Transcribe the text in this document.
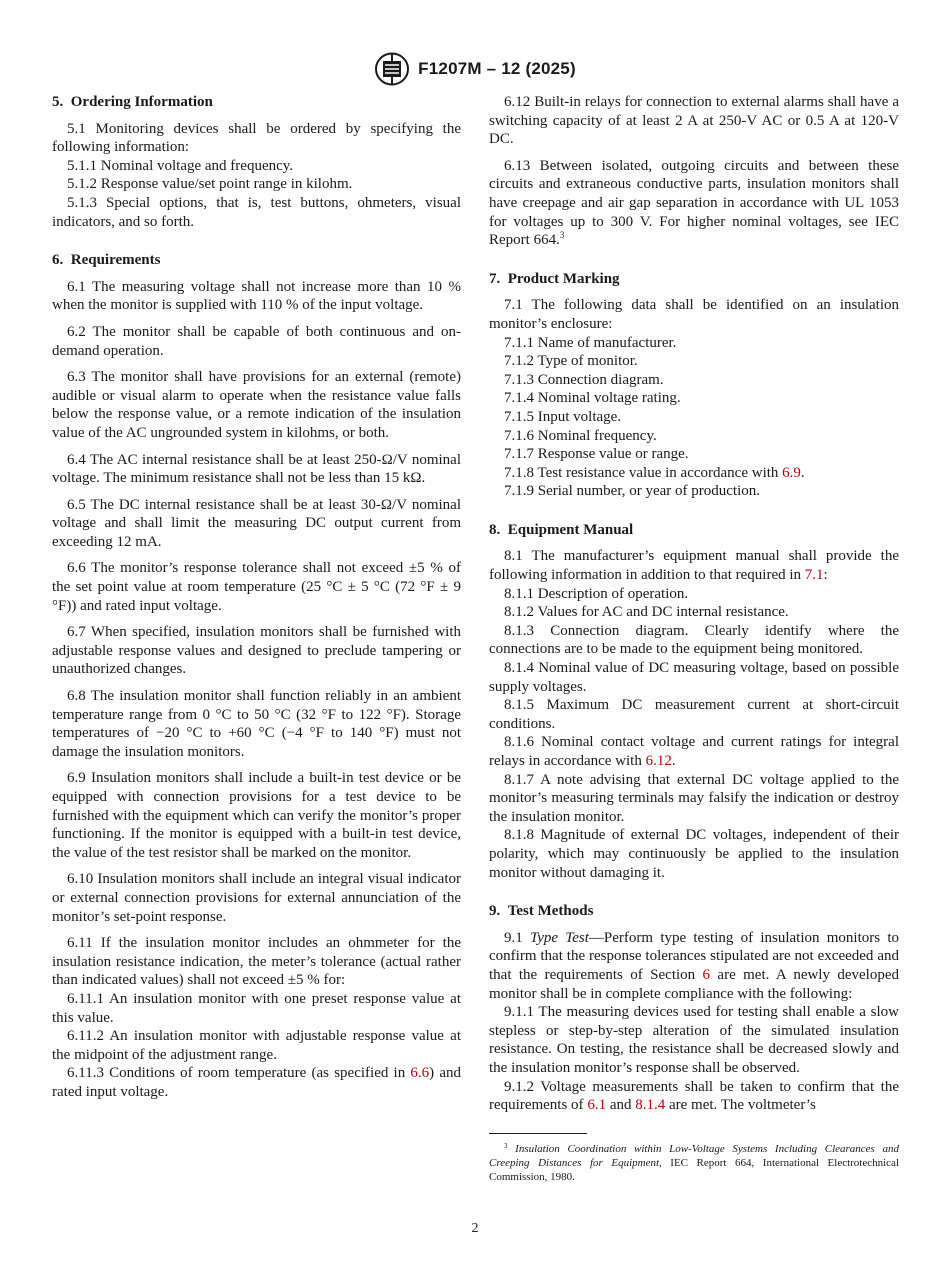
F1207M – 12 (2025)

5. Ordering Information

5.1 Monitoring devices shall be ordered by specifying the following information:

5.1.1 Nominal voltage and frequency.

5.1.2 Response value/set point range in kilohm.

5.1.3 Special options, that is, test buttons, ohmeters, visual indicators, and so forth.

6. Requirements

6.1 The measuring voltage shall not increase more than 10 % when the monitor is supplied with 110 % of the input voltage.

6.2 The monitor shall be capable of both continuous and on-demand operation.

6.3 The monitor shall have provisions for an external (remote) audible or visual alarm to operate when the resistance value falls below the response value, or a remote indication of the insulation value of the AC ungrounded system in kilohms, or both.

6.4 The AC internal resistance shall be at least 250-Ω/V nominal voltage. The minimum resistance shall not be less than 15 kΩ.

6.5 The DC internal resistance shall be at least 30-Ω/V nominal voltage and shall limit the measuring DC output current from exceeding 12 mA.

6.6 The monitor’s response tolerance shall not exceed ±5 % of the set point value at room temperature (25 °C ± 5 °C (72 °F ± 9 °F)) and rated input voltage.

6.7 When specified, insulation monitors shall be furnished with adjustable response values and designed to preclude tampering or unauthorized changes.

6.8 The insulation monitor shall function reliably in an ambient temperature range from 0 °C to 50 °C (32 °F to 122 °F). Storage temperatures of −20 °C to +60 °C (−4 °F to 140 °F) must not damage the insulation monitors.

6.9 Insulation monitors shall include a built-in test device or be equipped with connection provisions for a test device to be furnished with the equipment which can verify the monitor’s proper functioning. If the monitor is equipped with a built-in test device, the value of the test resistor shall be marked on the monitor.

6.10 Insulation monitors shall include an integral visual indicator or external connection provisions for external annunciation of the monitor’s set-point response.

6.11 If the insulation monitor includes an ohmmeter for the insulation resistance indication, the meter’s tolerance (actual rather than indicated values) shall not exceed ±5 % for:

6.11.1 An insulation monitor with one preset response value at this value.

6.11.2 An insulation monitor with adjustable response value at the midpoint of the adjustment range.

6.11.3 Conditions of room temperature (as specified in 6.6) and rated input voltage.

6.12 Built-in relays for connection to external alarms shall have a switching capacity of at least 2 A at 250-V AC or 0.5 A at 120-V DC.

6.13 Between isolated, outgoing circuits and between these circuits and extraneous conductive parts, insulation monitors shall have creepage and air gap separation in accordance with UL 1053 for voltages up to 300 V. For higher nominal voltages, see IEC Report 664.$^3$

7. Product Marking

7.1 The following data shall be identified on an insulation monitor’s enclosure:

7.1.1 Name of manufacturer.

7.1.2 Type of monitor.

7.1.3 Connection diagram.

7.1.4 Nominal voltage rating.

7.1.5 Input voltage.

7.1.6 Nominal frequency.

7.1.7 Response value or range.

7.1.8 Test resistance value in accordance with 6.9.

7.1.9 Serial number, or year of production.

8. Equipment Manual

8.1 The manufacturer’s equipment manual shall provide the following information in addition to that required in 7.1:

8.1.1 Description of operation.

8.1.2 Values for AC and DC internal resistance.

8.1.3 Connection diagram. Clearly identify where the connections are to be made to the equipment being monitored.

8.1.4 Nominal value of DC measuring voltage, based on possible supply voltages.

8.1.5 Maximum DC measurement current at short-circuit conditions.

8.1.6 Nominal contact voltage and current ratings for integral relays in accordance with 6.12.

8.1.7 A note advising that external DC voltage applied to the monitor’s measuring terminals may falsify the indication or destroy the insulation monitor.

8.1.8 Magnitude of external DC voltages, independent of their polarity, which may continuously be applied to the insulation monitor without damaging it.

9. Test Methods

9.1 Type Test—Perform type testing of insulation monitors to confirm that the response tolerances stipulated are not exceeded and that the requirements of Section 6 are met. A newly developed monitor shall be in complete compliance with the following:

9.1.1 The measuring devices used for testing shall enable a slow stepless or step-by-step alteration of the simulated insulation resistance. On testing, the resistance shall be decreased slowly and the insulation monitor’s response shall be observed.

9.1.2 Voltage measurements shall be taken to confirm that the requirements of 6.1 and 8.1.4 are met. The voltmeter’s

$^3$ Insulation Coordination within Low-Voltage Systems Including Clearances and Creeping Distances for Equipment, IEC Report 664, International Electrotechnical Commission, 1980.

2
